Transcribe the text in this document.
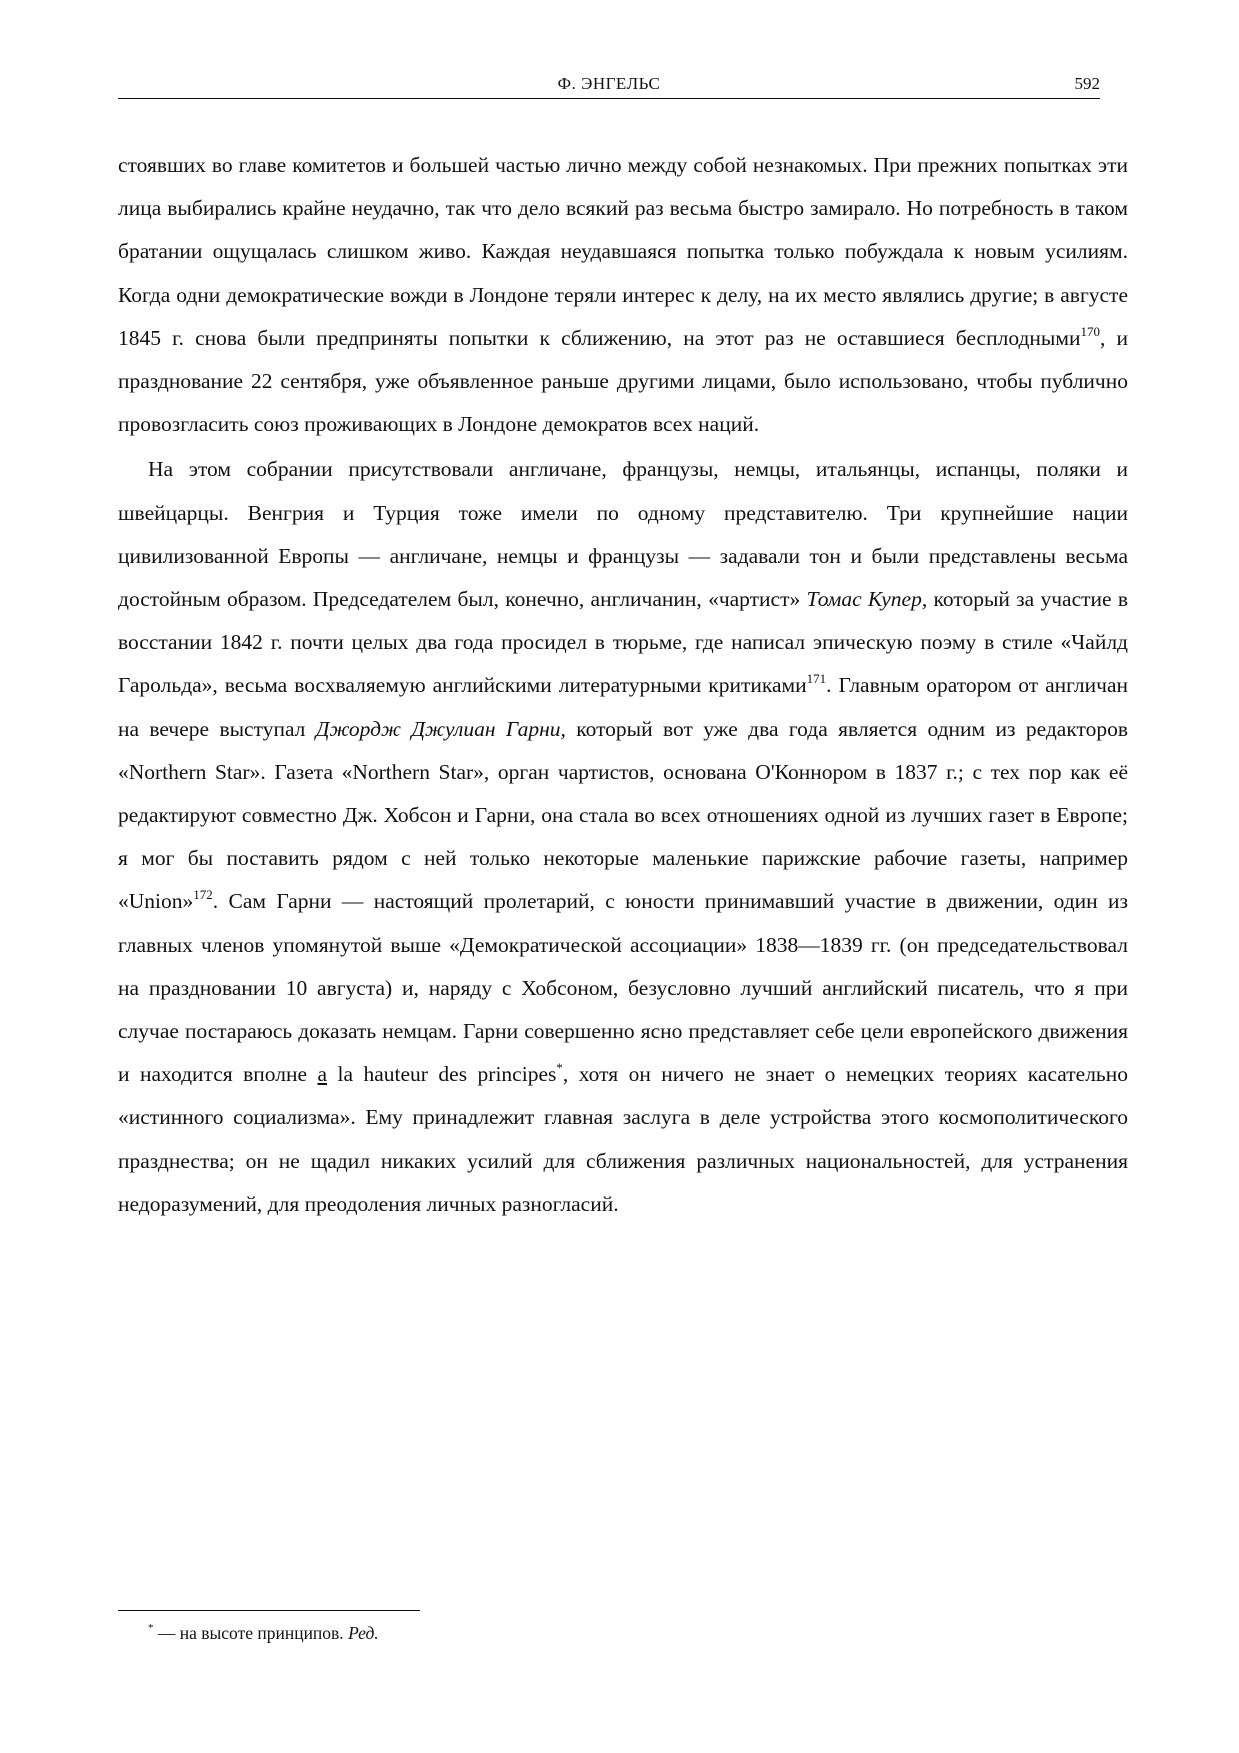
Ф. ЭНГЕЛЬС	592

стоявших во главе комитетов и большей частью лично между собой незнакомых. При прежних попытках эти лица выбирались крайне неудачно, так что дело всякий раз весьма быстро замирало. Но потребность в таком братании ощущалась слишком живо. Каждая неудавшаяся попытка только побуждала к новым усилиям. Когда одни демократические вожди в Лондоне теряли интерес к делу, на их место являлись другие; в августе 1845 г. снова были предприняты попытки к сближению, на этот раз не оставшиеся бесплодными$^{170}$, и празднование 22 сентября, уже объявленное раньше другими лицами, было использовано, чтобы публично провозгласить союз проживающих в Лондоне демократов всех наций.

На этом собрании присутствовали англичане, французы, немцы, итальянцы, испанцы, поляки и швейцарцы. Венгрия и Турция тоже имели по одному представителю. Три крупнейшие нации цивилизованной Европы — англичане, немцы и французы — задавали тон и были представлены весьма достойным образом. Председателем был, конечно, англичанин, «чартист» Томас Купер, который за участие в восстании 1842 г. почти целых два года просидел в тюрьме, где написал эпическую поэму в стиле «Чайлд Гарольда», весьма восхваляемую английскими литературными критиками$^{171}$. Главным оратором от англичан на вечере выступал Джордж Джулиан Гарни, который вот уже два года является одним из редакторов «Northern Star». Газета «Northern Star», орган чартистов, основана О'Коннором в 1837 г.; с тех пор как её редактируют совместно Дж. Хобсон и Гарни, она стала во всех отношениях одной из лучших газет в Европе; я мог бы поставить рядом с ней только некоторые маленькие парижские рабочие газеты, например «Union»$^{172}$. Сам Гарни — настоящий пролетарий, с юности принимавший участие в движении, один из главных членов упомянутой выше «Демократической ассоциации» 1838—1839 гг. (он председательствовал на праздновании 10 августа) и, наряду с Хобсоном, безусловно лучший английский писатель, что я при случае постараюсь доказать немцам. Гарни совершенно ясно представляет себе цели европейского движения и находится вполне a la hauteur des principes*, хотя он ничего не знает о немецких теориях касательно «истинного социализма». Ему принадлежит главная заслуга в деле устройства этого космополитического празднества; он не щадил никаких усилий для сближения различных национальностей, для устранения недоразумений, для преодоления личных разногласий.

* — на высоте принципов. Ред.
